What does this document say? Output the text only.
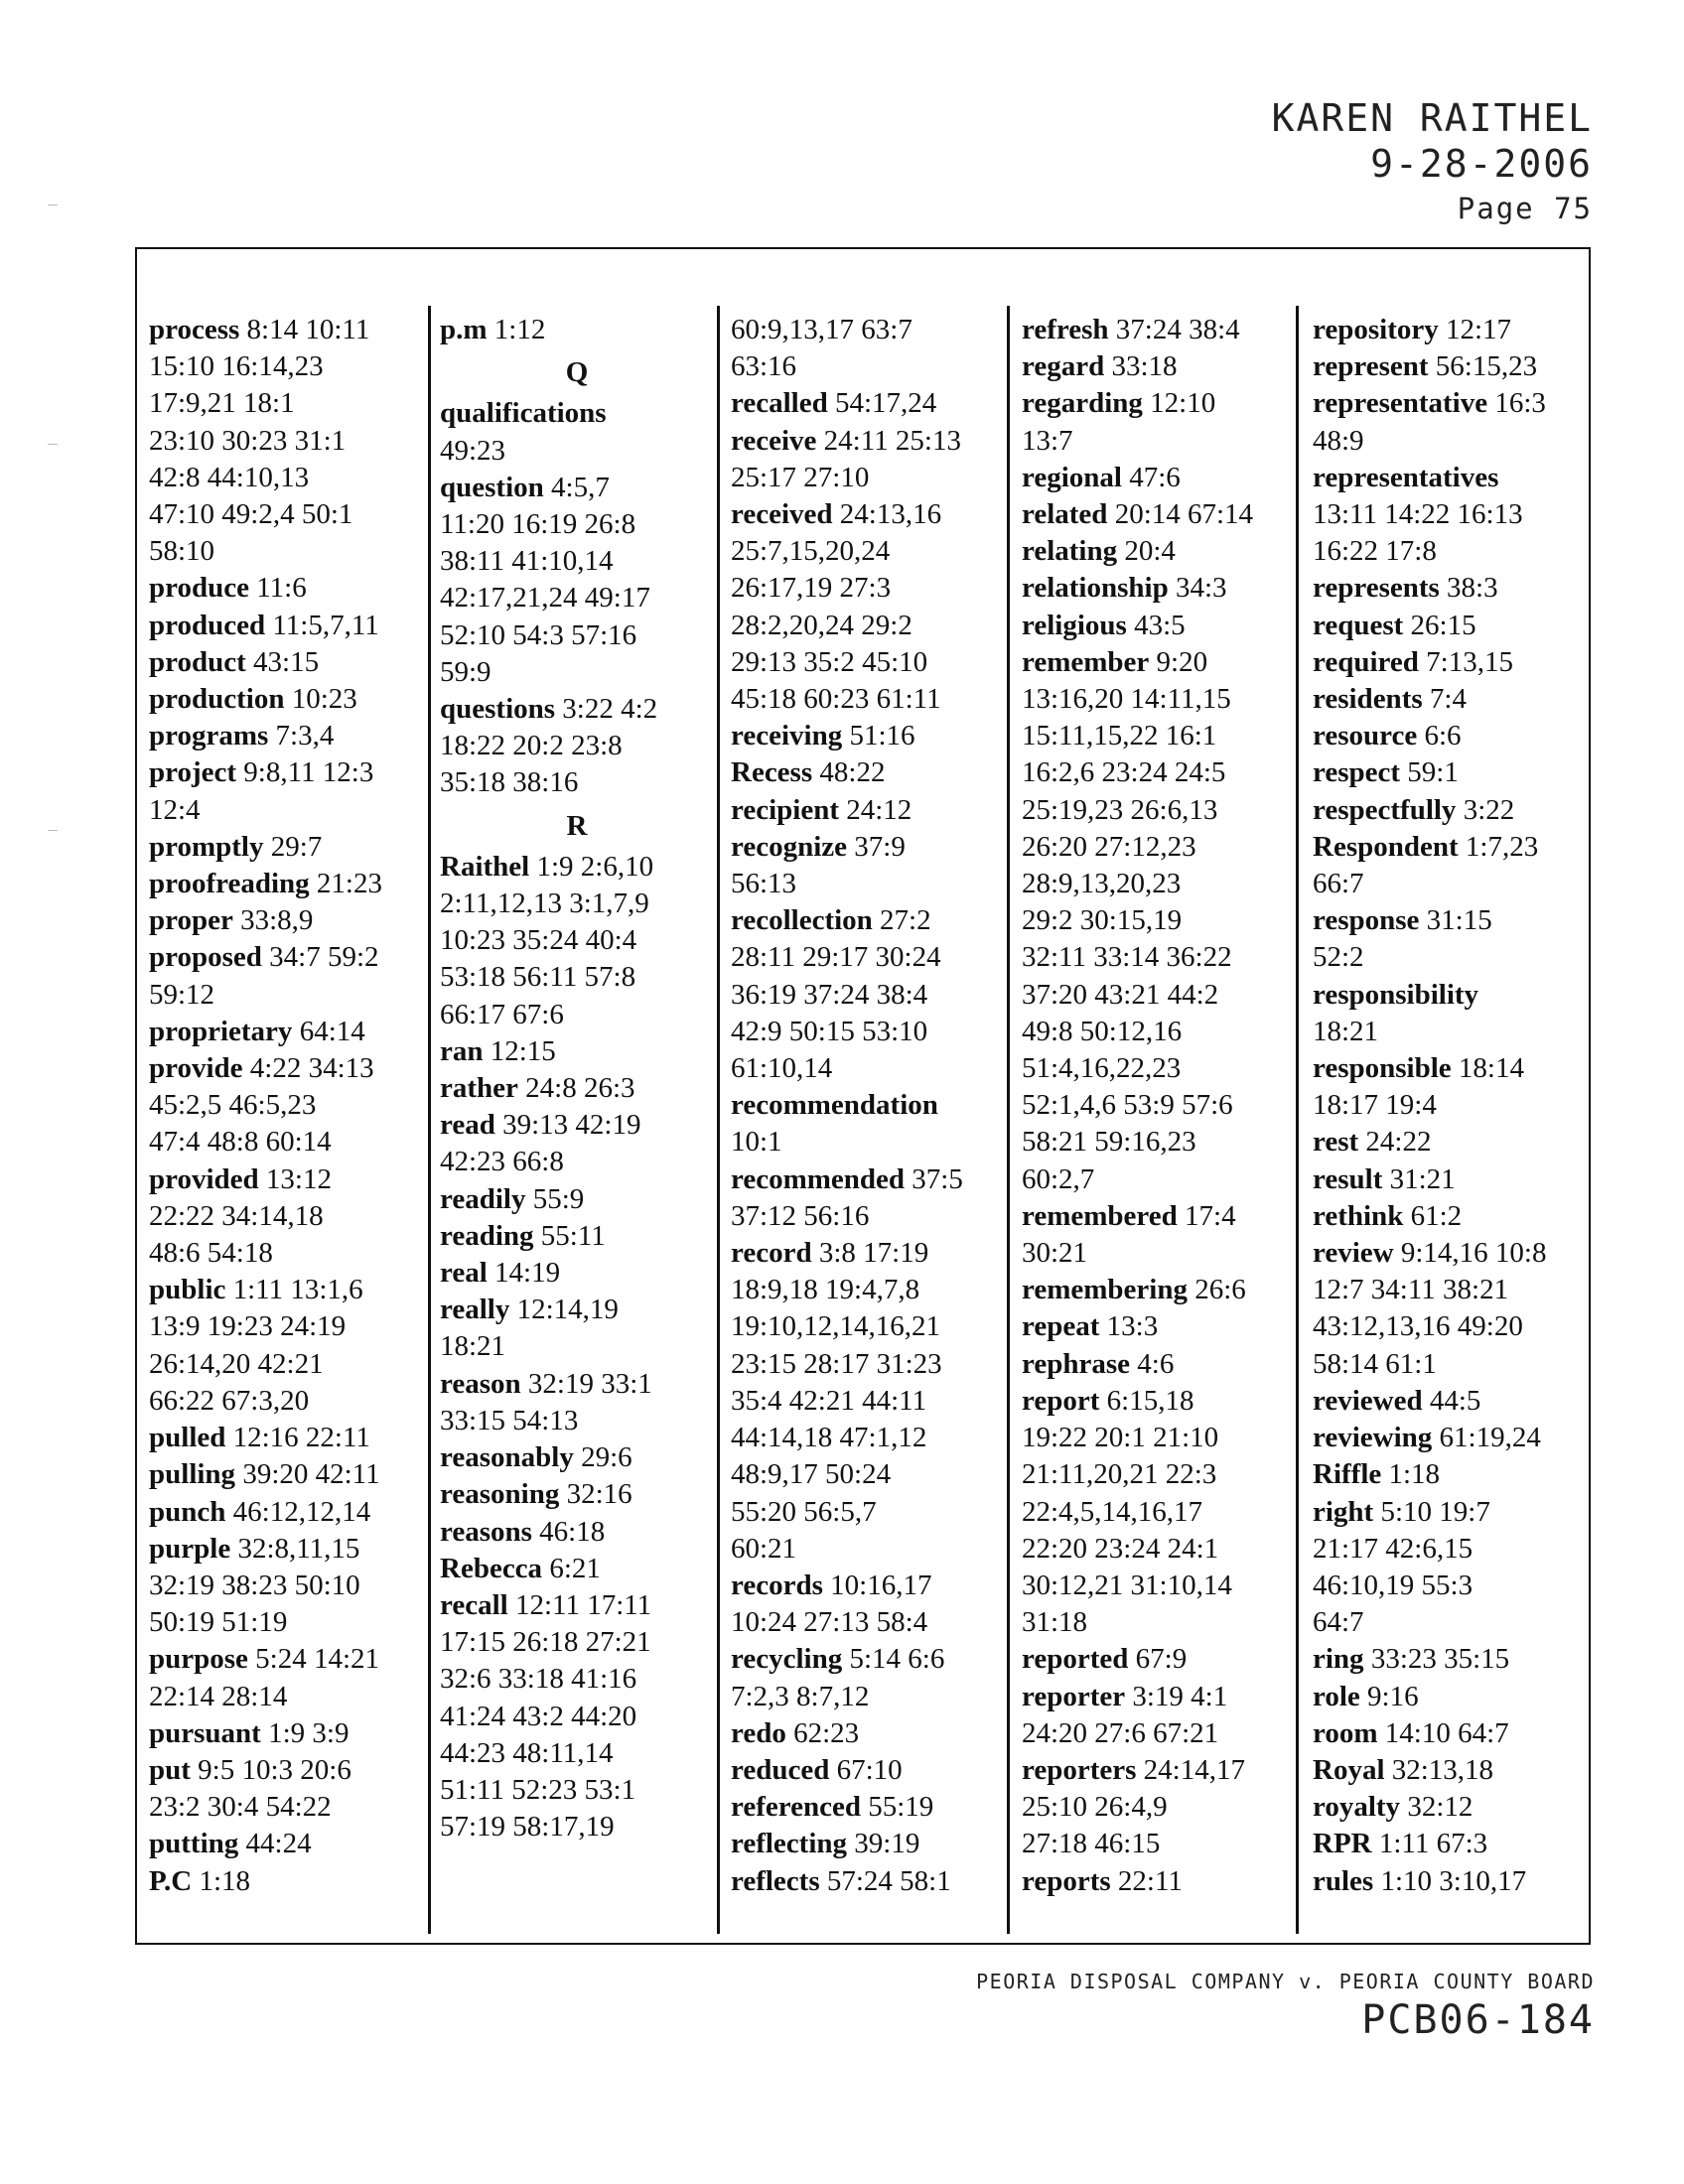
KAREN RAITHEL
9-28-2006
Page 75
process 8:14 10:11
15:10 16:14,23
17:9,21 18:1
23:10 30:23 31:1
42:8 44:10,13
47:10 49:2,4 50:1
58:10
produce 11:6
produced 11:5,7,11
product 43:15
production 10:23
programs 7:3,4
project 9:8,11 12:3
12:4
promptly 29:7
proofreading 21:23
proper 33:8,9
proposed 34:7 59:2
59:12
proprietary 64:14
provide 4:22 34:13
45:2,5 46:5,23
47:4 48:8 60:14
provided 13:12
22:22 34:14,18
48:6 54:18
public 1:11 13:1,6
13:9 19:23 24:19
26:14,20 42:21
66:22 67:3,20
pulled 12:16 22:11
pulling 39:20 42:11
punch 46:12,12,14
purple 32:8,11,15
32:19 38:23 50:10
50:19 51:19
purpose 5:24 14:21
22:14 28:14
pursuant 1:9 3:9
put 9:5 10:3 20:6
23:2 30:4 54:22
putting 44:24
P.C 1:18
p.m 1:12
Q
qualifications
49:23
question 4:5,7
11:20 16:19 26:8
38:11 41:10,14
42:17,21,24 49:17
52:10 54:3 57:16
59:9
questions 3:22 4:2
18:22 20:2 23:8
35:18 38:16
R
Raithel 1:9 2:6,10
2:11,12,13 3:1,7,9
10:23 35:24 40:4
53:18 56:11 57:8
66:17 67:6
ran 12:15
rather 24:8 26:3
read 39:13 42:19
42:23 66:8
readily 55:9
reading 55:11
real 14:19
really 12:14,19
18:21
reason 32:19 33:1
33:15 54:13
reasonably 29:6
reasoning 32:16
reasons 46:18
Rebecca 6:21
recall 12:11 17:11
17:15 26:18 27:21
32:6 33:18 41:16
41:24 43:2 44:20
44:23 48:11,14
51:11 52:23 53:1
57:19 58:17,19
60:9,13,17 63:7
63:16
recalled 54:17,24
receive 24:11 25:13
25:17 27:10
received 24:13,16
25:7,15,20,24
26:17,19 27:3
28:2,20,24 29:2
29:13 35:2 45:10
45:18 60:23 61:11
receiving 51:16
Recess 48:22
recipient 24:12
recognize 37:9
56:13
recollection 27:2
28:11 29:17 30:24
36:19 37:24 38:4
42:9 50:15 53:10
61:10,14
recommendation
10:1
recommended 37:5
37:12 56:16
record 3:8 17:19
18:9,18 19:4,7,8
19:10,12,14,16,21
23:15 28:17 31:23
35:4 42:21 44:11
44:14,18 47:1,12
48:9,17 50:24
55:20 56:5,7
60:21
records 10:16,17
10:24 27:13 58:4
recycling 5:14 6:6
7:2,3 8:7,12
redo 62:23
reduced 67:10
referenced 55:19
reflecting 39:19
reflects 57:24 58:1
refresh 37:24 38:4
regard 33:18
regarding 12:10
13:7
regional 47:6
related 20:14 67:14
relating 20:4
relationship 34:3
religious 43:5
remember 9:20
13:16,20 14:11,15
15:11,15,22 16:1
16:2,6 23:24 24:5
25:19,23 26:6,13
26:20 27:12,23
28:9,13,20,23
29:2 30:15,19
32:11 33:14 36:22
37:20 43:21 44:2
49:8 50:12,16
51:4,16,22,23
52:1,4,6 53:9 57:6
58:21 59:16,23
60:2,7
remembered 17:4
30:21
remembering 26:6
repeat 13:3
rephrase 4:6
report 6:15,18
19:22 20:1 21:10
21:11,20,21 22:3
22:4,5,14,16,17
22:20 23:24 24:1
30:12,21 31:10,14
31:18
reported 67:9
reporter 3:19 4:1
24:20 27:6 67:21
reporters 24:14,17
25:10 26:4,9
27:18 46:15
reports 22:11
repository 12:17
represent 56:15,23
representative 16:3
48:9
representatives
13:11 14:22 16:13
16:22 17:8
represents 38:3
request 26:15
required 7:13,15
residents 7:4
resource 6:6
respect 59:1
respectfully 3:22
Respondent 1:7,23
66:7
response 31:15
52:2
responsibility
18:21
responsible 18:14
18:17 19:4
rest 24:22
result 31:21
rethink 61:2
review 9:14,16 10:8
12:7 34:11 38:21
43:12,13,16 49:20
58:14 61:1
reviewed 44:5
reviewing 61:19,24
Riffle 1:18
right 5:10 19:7
21:17 42:6,15
46:10,19 55:3
64:7
ring 33:23 35:15
role 9:16
room 14:10 64:7
Royal 32:13,18
royalty 32:12
RPR 1:11 67:3
rules 1:10 3:10,17
PEORIA DISPOSAL COMPANY v. PEORIA COUNTY BOARD
PCB06-184
